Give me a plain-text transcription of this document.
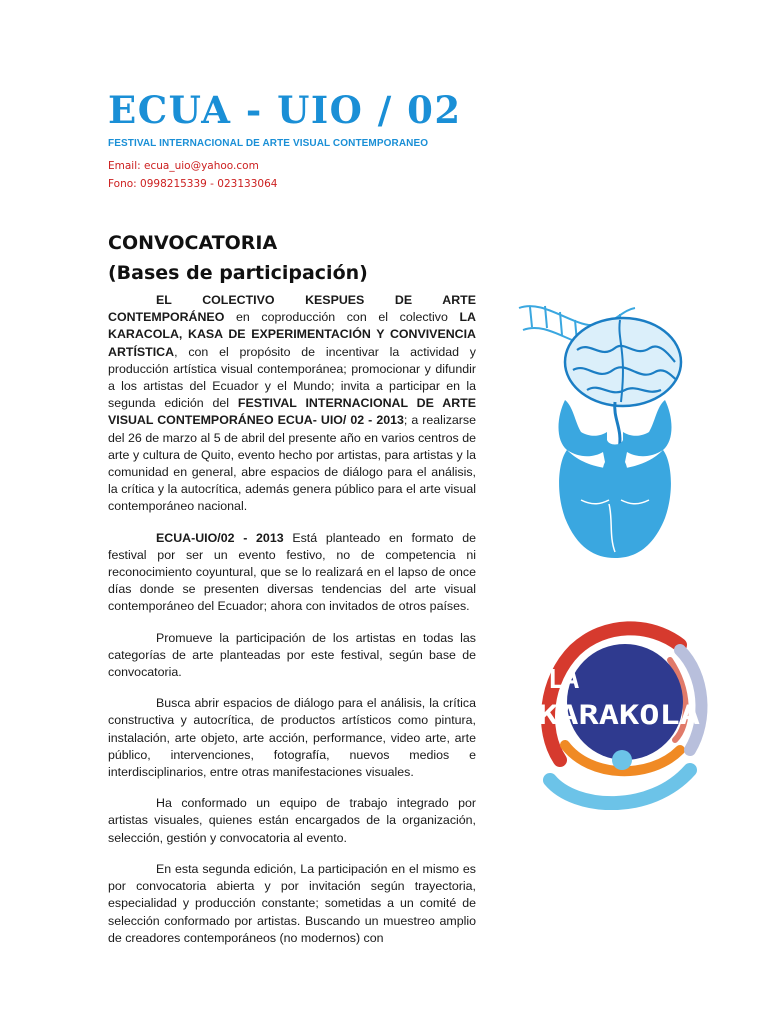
ECUA - UIO / 02
FESTIVAL INTERNACIONAL DE ARTE VISUAL CONTEMPORANEO
Email: ecua_uio@yahoo.com
Fono: 0998215339 - 023133064
CONVOCATORIA
(Bases de participación)

EL COLECTIVO KESPUES DE ARTE CONTEMPORÁNEO en coproducción con el colectivo LA KARACOLA, KASA DE EXPERIMENTACIÓN Y CONVIVENCIA ARTÍSTICA, con el propósito de incentivar la actividad y producción artística visual contemporánea; promocionar y difundir a los artistas del Ecuador y el Mundo; invita a participar en la segunda edición del FESTIVAL INTERNACIONAL DE ARTE VISUAL CONTEMPORÁNEO ECUA- UIO/ 02 - 2013; a realizarse del 26 de marzo al 5 de abril del presente año en varios centros de arte y cultura de Quito, evento hecho por artistas, para artistas y la comunidad en general, abre espacios de diálogo para el análisis, la crítica y la autocrítica, además genera público para el arte visual contemporáneo nacional.

ECUA-UIO/02 - 2013 Está planteado en formato de festival por ser un evento festivo, no de competencia ni reconocimiento coyuntural, que se lo realizará en el lapso de once días donde se presenten diversas tendencias del arte visual contemporáneo del Ecuador; ahora con invitados de otros países.

Promueve la participación de los artistas en todas las categorías de arte planteadas por este festival, según base de convocatoria.

Busca abrir espacios de diálogo para el análisis, la crítica constructiva y autocrítica, de productos artísticos como pintura, instalación, arte objeto, arte acción, performance, video arte, arte público, intervenciones, fotografía, nuevos medios e interdisciplinarios, entre otras manifestaciones visuales.

Ha conformado un equipo de trabajo integrado por artistas visuales, quienes están encargados de la organización, selección, gestión y convocatoria al evento.

En esta segunda edición, La participación en el mismo es por convocatoria abierta y por invitación según trayectoria, especialidad y producción constante; sometidas a un comité de selección conformado por artistas. Buscando un muestreo amplio de creadores contemporáneos (no modernos) con

LA
KARAKOLA
